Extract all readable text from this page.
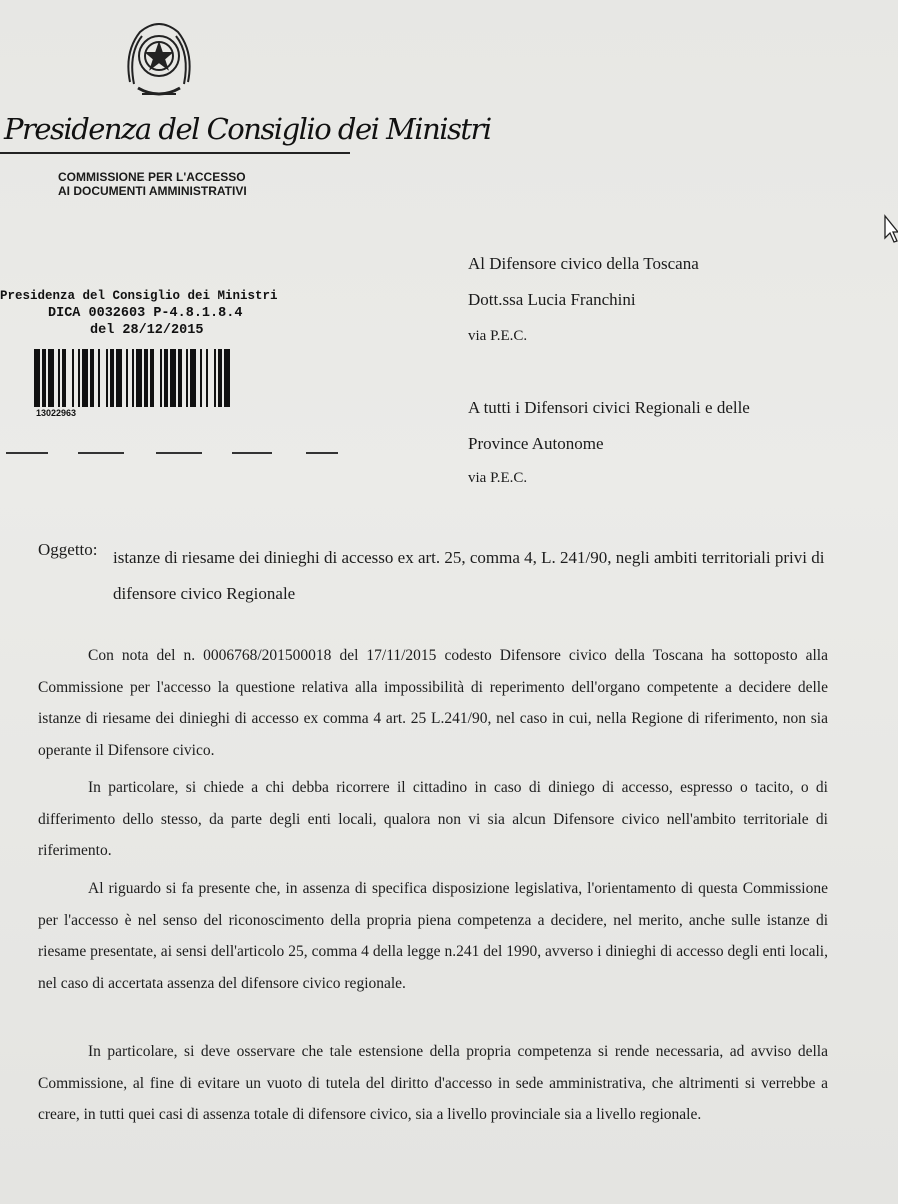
Presidenza del Consiglio dei Ministri
COMMISSIONE PER L'ACCESSO
AI DOCUMENTI AMMINISTRATIVI
Presidenza del Consiglio dei Ministri
DICA 0032603 P-4.8.1.8.4
del 28/12/2015
13022963
Al Difensore civico della Toscana
Dott.ssa Lucia Franchini
via P.E.C.
A tutti i Difensori civici Regionali e delle
Province Autonome
via P.E.C.
Oggetto: istanze di riesame dei dinieghi di accesso ex art. 25, comma 4, L. 241/90, negli ambiti territoriali privi di difensore civico Regionale
Con nota del n. 0006768/201500018 del 17/11/2015 codesto Difensore civico della Toscana ha sottoposto alla Commissione per l'accesso la questione relativa alla impossibilità di reperimento dell'organo competente a decidere delle istanze di riesame dei dinieghi di accesso ex comma 4 art. 25 L.241/90, nel caso in cui, nella Regione di riferimento, non sia operante il Difensore civico.
In particolare, si chiede a chi debba ricorrere il cittadino in caso di diniego di accesso, espresso o tacito, o di differimento dello stesso, da parte degli enti locali, qualora non vi sia alcun Difensore civico nell'ambito territoriale di riferimento.
Al riguardo si fa presente che, in assenza di specifica disposizione legislativa, l'orientamento di questa Commissione per l'accesso è nel senso del riconoscimento della propria piena competenza a decidere, nel merito, anche sulle istanze di riesame presentate, ai sensi dell'articolo 25, comma 4 della legge n.241 del 1990, avverso i dinieghi di accesso degli enti locali, nel caso di accertata assenza del difensore civico regionale.
In particolare, si deve osservare che tale estensione della propria competenza si rende necessaria, ad avviso della Commissione, al fine di evitare un vuoto di tutela del diritto d'accesso in sede amministrativa, che altrimenti si verrebbe a creare, in tutti quei casi di assenza totale di difensore civico, sia a livello provinciale sia a livello regionale.
